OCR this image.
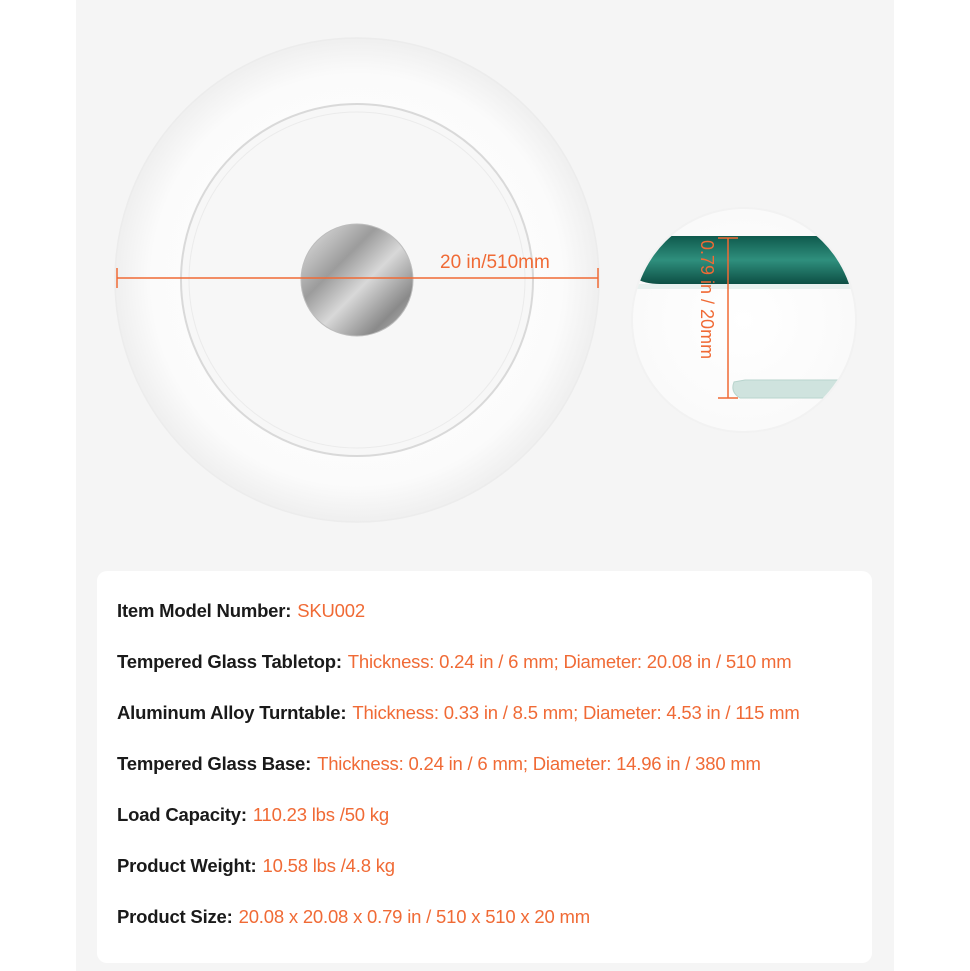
20 in/510mm	0.79 in / 20mm
Item Model Number: SKU002
Tempered Glass Tabletop: Thickness: 0.24 in / 6 mm; Diameter: 20.08 in / 510 mm
Aluminum Alloy Turntable: Thickness: 0.33 in / 8.5 mm; Diameter: 4.53 in / 115 mm
Tempered Glass Base: Thickness: 0.24 in / 6 mm; Diameter: 14.96 in / 380 mm
Load Capacity: 110.23 lbs /50 kg
Product Weight: 10.58 lbs /4.8 kg
Product Size: 20.08 x 20.08 x 0.79 in / 510 x 510 x 20 mm
